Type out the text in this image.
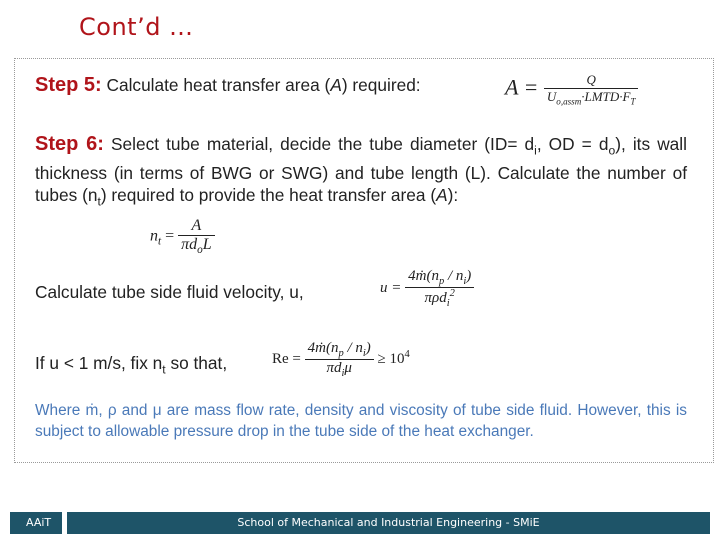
Cont’d …
Step 5: Calculate heat transfer area (A) required:	$A = \frac{Q}{U_{o,assm}\cdot LMTD\cdot F_T}$
Step 6: Select tube material, decide the tube diameter ($ID= d_i$, OD = $d_o$), its wall thickness (in terms of BWG or SWG) and tube length (L). Calculate the number of tubes $(n_t)$ required to provide the heat transfer area (A):
$n_t = \frac{A}{\pi d_oL}$
Calculate tube side fluid velocity, u,	$u = \frac{4ṁ(n_p / n_i)}{\pi\rho d_i^2}$
If u < 1 m/s, fix $n_t$ so that,	$Re = \frac{4ṁ(n_p / n_i)}{\pi d_i\mu} \ge 10^4$
Where ṁ, ρ and μ are mass flow rate, density and viscosity of tube side fluid. However, this is subject to allowable pressure drop in the tube side of the heat exchanger.
AAiT	School of Mechanical and Industrial Engineering - SMiE
